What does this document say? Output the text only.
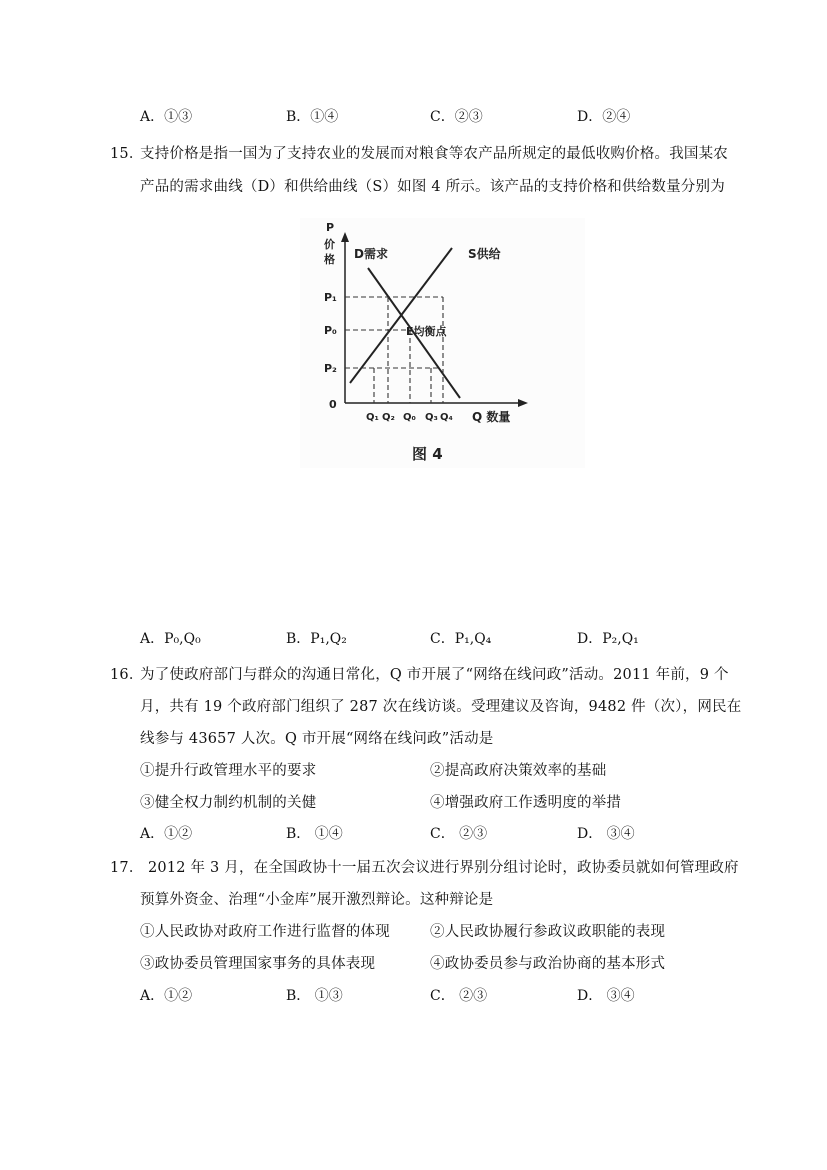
A．①③	B．①④	C．②③	D．②④
15．
支持价格是指一国为了支持农业的发展而对粮食等农产品所规定的最低收购价格。我国某农
产品的需求曲线（D）和供给曲线（S）如图 4 所示。该产品的支持价格和供给数量分别为
P
价
格 D需求	S供给
E均衡点
P₁
P₀
P₂
0
Q₁ Q₂ Q₀ Q₃ Q₄ Q 数量
图 4
A．P₀,Q₀	B．P₁,Q₂	C．P₁,Q₄	D．P₂,Q₁
16．
为了使政府部门与群众的沟通日常化，Q 市开展了“网络在线问政”活动。2011 年前，9 个
月，共有 19 个政府部门组织了 287 次在线访谈。受理建议及咨询，9482 件（次），网民在
线参与 43657 人次。Q 市开展“网络在线问政”活动是
①提升行政管理水平的要求	②提高政府决策效率的基础
③健全权力制约机制的关健	④增强政府工作透明度的举措
A．①②	B． ①④	C． ②③	D． ③④
17． 2012 年 3 月，在全国政协十一届五次会议进行界别分组讨论时，政协委员就如何管理政府
预算外资金、治理“小金库”展开激烈辩论。这种辩论是
①人民政协对政府工作进行监督的体现	②人民政协履行参政议政职能的表现
③政协委员管理国家事务的具体表现	④政协委员参与政治协商的基本形式
A．①②	B． ①③	C． ②③	D． ③④
